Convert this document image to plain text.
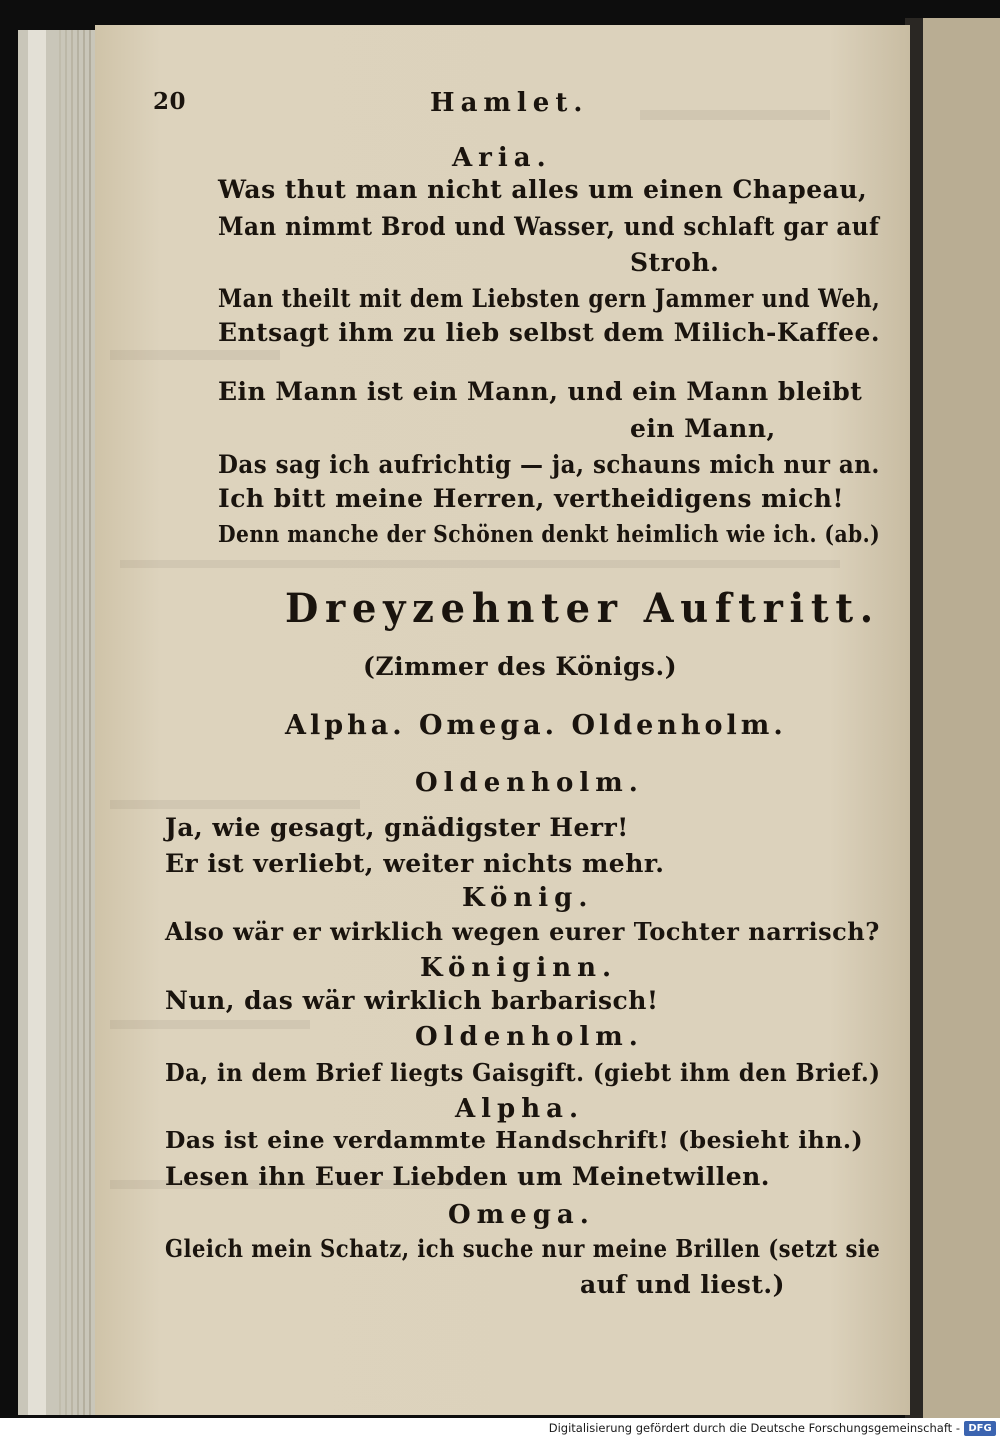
20	Hamlet.
Aria.
Was thut man nicht alles um einen Chapeau,
Man nimmt Brod und Wasser, und schlaft gar auf
Stroh.
Man theilt mit dem Liebsten gern Jammer und Weh,
Entsagt ihm zu lieb selbst dem Milich-Kaffee.
Ein Mann ist ein Mann, und ein Mann bleibt
ein Mann,
Das sag ich aufrichtig — ja, schauns mich nur an.
Ich bitt meine Herren, vertheidigens mich!
Denn manche der Schönen denkt heimlich wie ich. (ab.)
Dreyzehnter Auftritt.
(Zimmer des Königs.)
Alpha. Omega. Oldenholm.
Oldenholm.
Ja, wie gesagt, gnädigster Herr!
Er ist verliebt, weiter nichts mehr.
König.
Also wär er wirklich wegen eurer Tochter narrisch?
Königinn.
Nun, das wär wirklich barbarisch!
Oldenholm.
Da, in dem Brief liegts Gaisgift. (giebt ihm den Brief.)
Alpha.
Das ist eine verdammte Handschrift! (besieht ihn.)
Lesen ihn Euer Liebden um Meinetwillen.
Omega.
Gleich mein Schatz, ich suche nur meine Brillen (setzt sie
auf und liest.)
Digitalisierung gefördert durch die Deutsche Forschungsgemeinschaft - DFG
